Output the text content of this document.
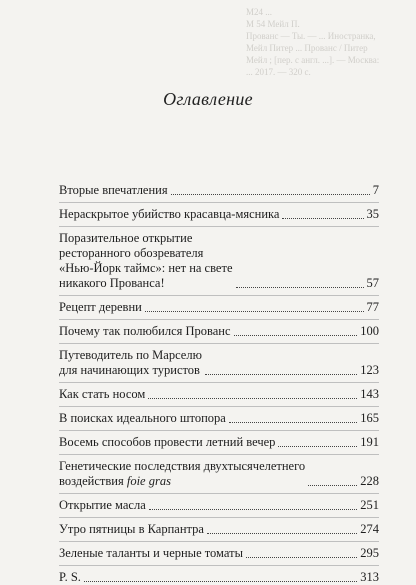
M24 ...
М 54 Мейл П.
Прованс — Ты. — ... Иностранка,
Мейл Питер ... Прованс / Питер
Мейл ; [пер. с англ. ...]. — Москва:
... 2017. — 320 с.
Оглавление
Вторые впечатления	7
Нераскрытое убийство красавца-мясника	35
Поразительное открытие
ресторанного обозревателя
«Нью-Йорк таймс»: нет на свете
никакого Прованса!	57
Рецепт деревни	77
Почему так полюбился Прованс	100
Путеводитель по Марселю
для начинающих туристов	123
Как стать носом	143
В поисках идеального штопора	165
Восемь способов провести летний вечер	191
Генетические последствия двухтысячелетнего
воздействия foie gras	228
Открытие масла	251
Утро пятницы в Карпантра	274
Зеленые таланты и черные томаты	295
P. S.	313
